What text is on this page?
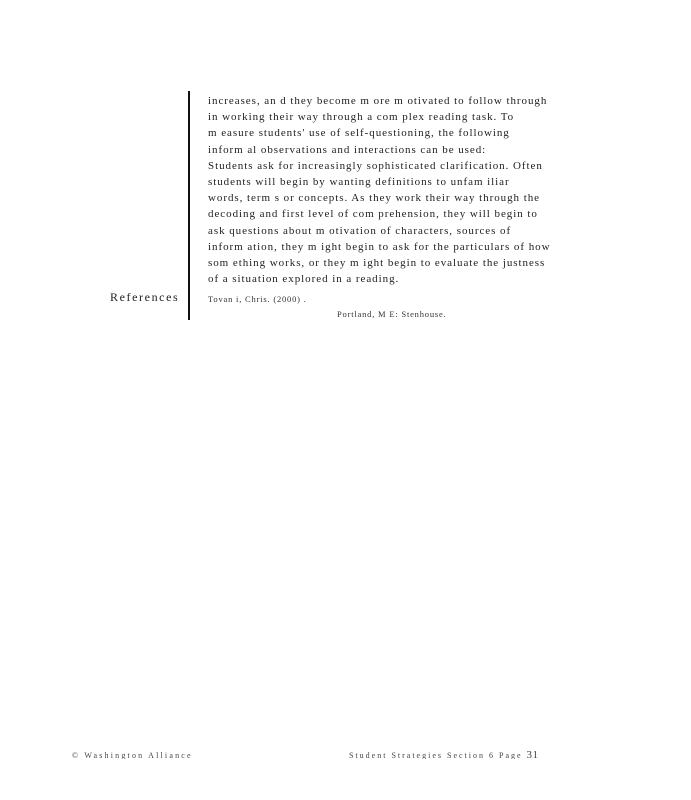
References
increases, an d they become m ore m otivated to follow through
in working their way through a com plex reading task. To
m easure students' use of self-questioning, the following
inform al observations and interactions can be used:
Students ask for increasingly sophisticated clarification. Often
students will begin by wanting definitions to unfam iliar
words, term s or concepts. As they work their way through the
decoding and first level of com prehension, they will begin to
ask questions about m otivation of characters, sources of
inform ation, they m ight begin to ask for the particulars of how
som ething works, or they m ight begin to evaluate the justness
of a situation explored in a reading.
Tovan i, Chris. (2000) .
Portland, M E: Stenhouse.
© Washington Alliance	Student Strategies Section 6 Page 31
